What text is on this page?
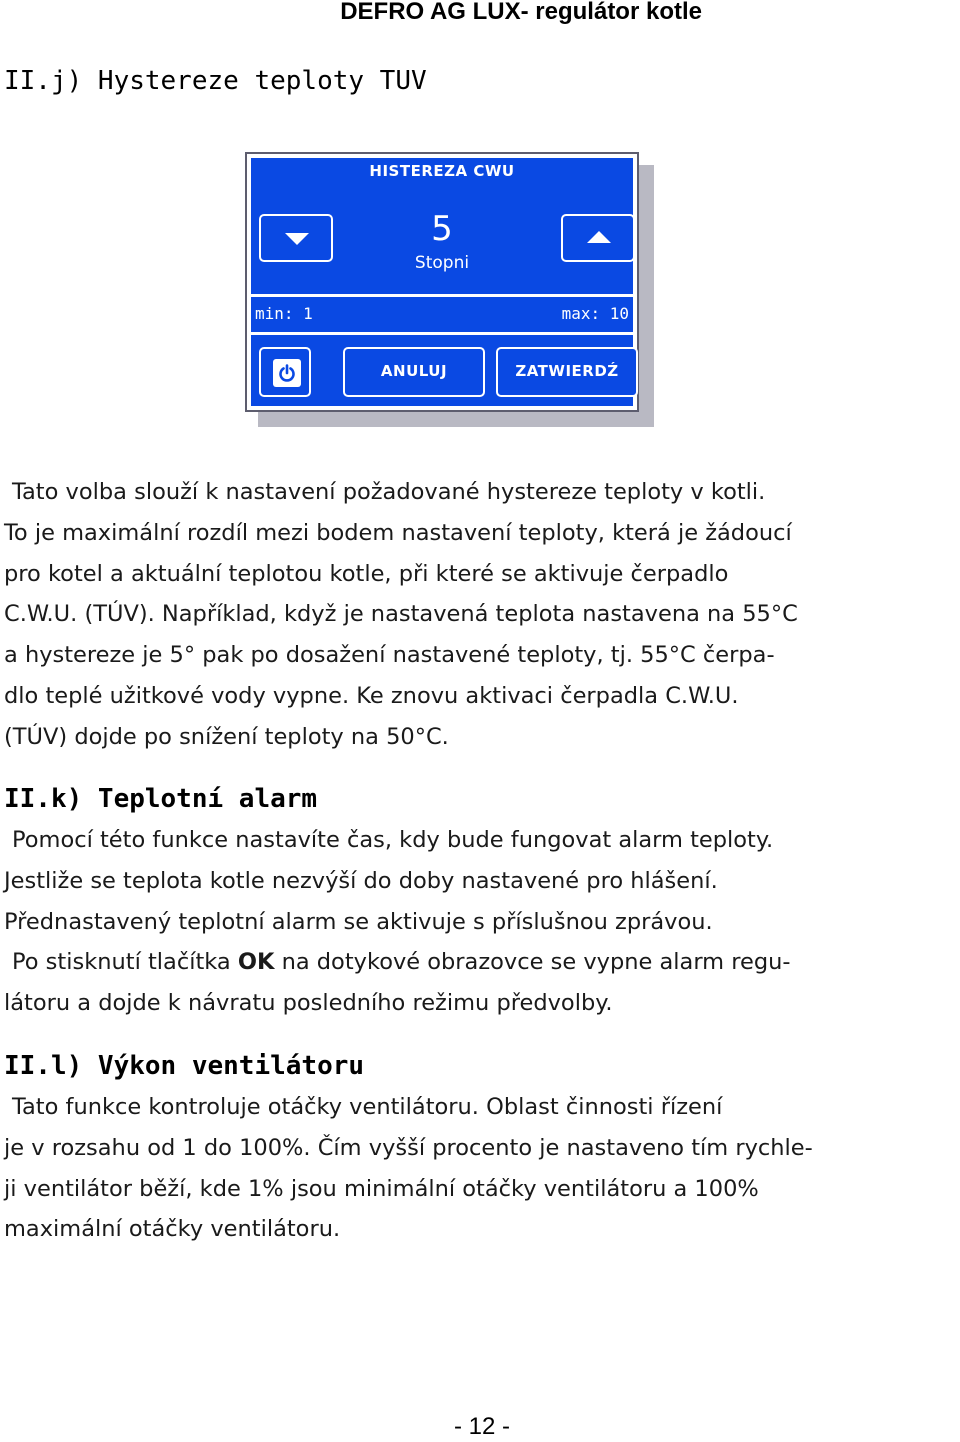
DEFRO AG LUX- regulátor kotle
II.j) Hystereze teploty TUV
HISTEREZA CWU
5
Stopni
min: 1	max: 10
ANULUJ	ZATWIERDŹ
Tato volba slouží k nastavení požadované hystereze teploty v kotli.
To je maximální rozdíl mezi bodem nastavení teploty, která je žádoucí
pro kotel a aktuální teplotou kotle, při které se aktivuje čerpadlo
C.W.U. (TÚV). Například, když je nastavená teplota nastavena na 55°C
a hystereze je 5° pak po dosažení nastavené teploty, tj. 55°C čerpa-
dlo teplé užitkové vody vypne. Ke znovu aktivaci čerpadla C.W.U.
(TÚV) dojde po snížení teploty na 50°C.
II.k) Teplotní alarm
Pomocí této funkce nastavíte čas, kdy bude fungovat alarm teploty.
Jestliže se teplota kotle nezvýší do doby nastavené pro hlášení.
Přednastavený teplotní alarm se aktivuje s příslušnou zprávou.
Po stisknutí tlačítka OK na dotykové obrazovce se vypne alarm regu-
látoru a dojde k návratu posledního režimu předvolby.
II.l) Výkon ventilátoru
Tato funkce kontroluje otáčky ventilátoru. Oblast činnosti řízení
je v rozsahu od 1 do 100%. Čím vyšší procento je nastaveno tím rychle-
ji ventilátor běží, kde 1% jsou minimální otáčky ventilátoru a 100%
maximální otáčky ventilátoru.
- 12 -
